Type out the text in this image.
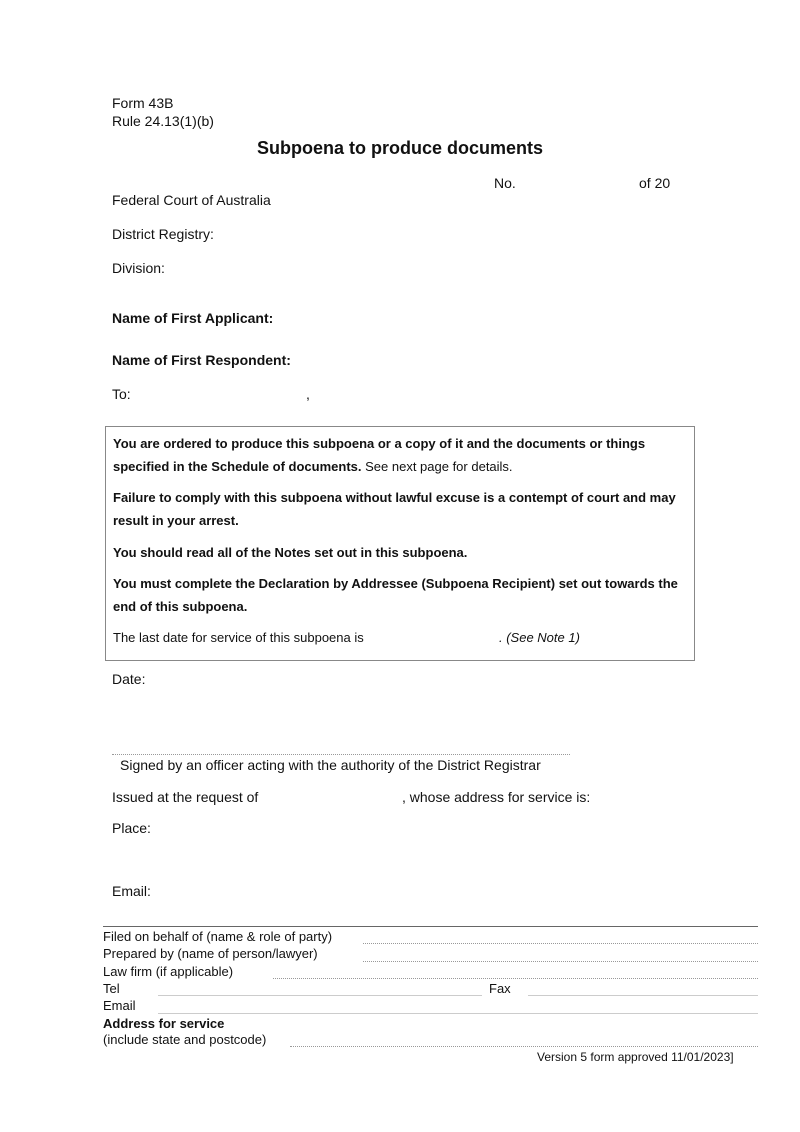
Form 43B
Rule 24.13(1)(b)
Subpoena to produce documents
No.	of 20
Federal Court of Australia
District Registry:
Division:
Name of First Applicant:
Name of First Respondent:
To:	,

You are ordered to produce this subpoena or a copy of it and the documents or things specified in the Schedule of documents. See next page for details.

Failure to comply with this subpoena without lawful excuse is a contempt of court and may result in your arrest.

You should read all of the Notes set out in this subpoena.

You must complete the Declaration by Addressee (Subpoena Recipient) set out towards the end of this subpoena.

The last date for service of this subpoena is	. (See Note 1)
Date:
Signed by an officer acting with the authority of the District Registrar
Issued at the request of	, whose address for service is:
Place:
Email:
Filed on behalf of (name & role of party)
Prepared by (name of person/lawyer)
Law firm (if applicable)
Tel	Fax
Email
Address for service
(include state and postcode)
Version 5 form approved 11/01/2023]
